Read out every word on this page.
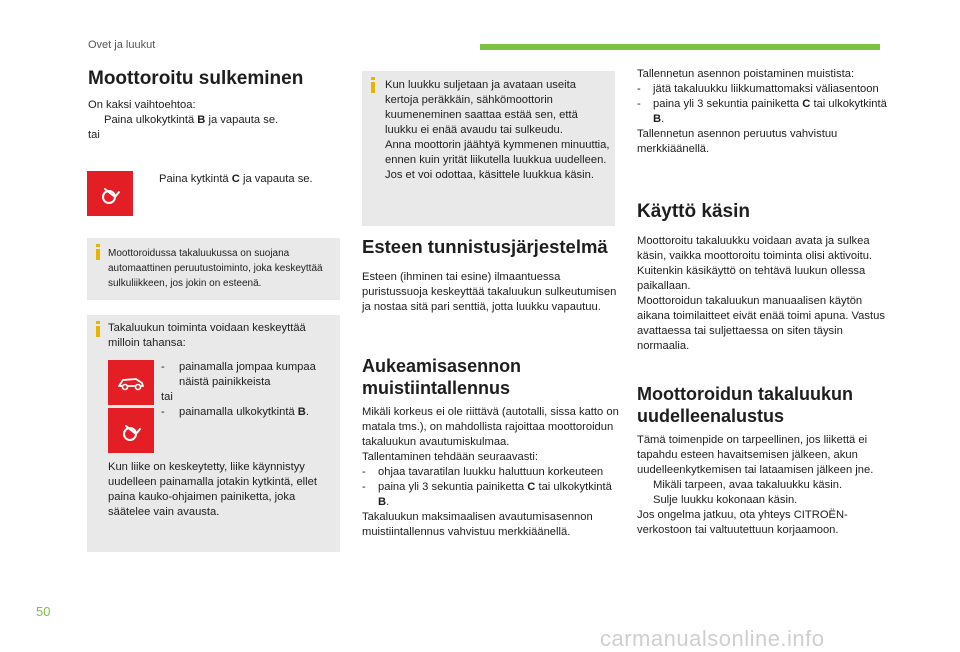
Ovet ja luukut
50
carmanualsonline.info
Moottoroitu sulkeminen
On kaksi vaihtoehtoa:
Paina ulkokytkintä B ja vapauta se.
tai
Paina kytkintä C ja vapauta se.
Moottoroidussa takaluukussa on suojana automaattinen peruutustoiminto, joka keskeyttää sulkuliikkeen, jos jokin on esteenä.
Takaluukun toiminta voidaan keskeyttää milloin tahansa:
-	painamalla jompaa kumpaa näistä painikkeista
tai
-	painamalla ulkokytkintä B.
Kun liike on keskeytetty, liike käynnistyy uudelleen painamalla jotakin kytkintä, ellet paina kauko-ohjaimen painiketta, joka säätelee vain avausta.
Kun luukku suljetaan ja avataan useita kertoja peräkkäin, sähkömoottorin kuumeneminen saattaa estää sen, että luukku ei enää avaudu tai sulkeudu.
Anna moottorin jäähtyä kymmenen minuuttia, ennen kuin yrität liikutella luukkua uudelleen.
Jos et voi odottaa, käsittele luukkua käsin.
Esteen tunnistusjärjestelmä
Esteen (ihminen tai esine) ilmaantuessa puristussuoja keskeyttää takaluukun sulkeutumisen ja nostaa sitä pari senttiä, jotta luukku vapautuu.
Aukeamisasennon muistiintallennus
Mikäli korkeus ei ole riittävä (autotalli, sissa katto on matala tms.), on mahdollista rajoittaa moottoroidun takaluukun avautumiskulmaa.
Tallentaminen tehdään seuraavasti:
-	ohjaa tavaratilan luukku haluttuun korkeuteen
-	paina yli 3 sekuntia painiketta C tai ulkokytkintä B.
Takaluukun maksimaalisen avautumisasennon muistiintallennus vahvistuu merkkiäänellä.
Tallennetun asennon poistaminen muistista:
-	jätä takaluukku liikkumattomaksi väliasentoon
-	paina yli 3 sekuntia painiketta C tai ulkokytkintä B.
Tallennetun asennon peruutus vahvistuu merkkiäänellä.
Käyttö käsin
Moottoroitu takaluukku voidaan avata ja sulkea käsin, vaikka moottoroitu toiminta olisi aktivoitu. Kuitenkin käsikäyttö on tehtävä luukun ollessa paikallaan.
Moottoroidun takaluukun manuaalisen käytön aikana toimilaitteet eivät enää toimi apuna. Vastus avattaessa tai suljettaessa on siten täysin normaalia.
Moottoroidun takaluukun uudelleenalustus
Tämä toimenpide on tarpeellinen, jos liikettä ei tapahdu esteen havaitsemisen jälkeen, akun uudelleenkytkemisen tai lataamisen jälkeen jne.
Mikäli tarpeen, avaa takaluukku käsin.
Sulje luukku kokonaan käsin.
Jos ongelma jatkuu, ota yhteys CITROËN-verkostoon tai valtuutettuun korjaamoon.
